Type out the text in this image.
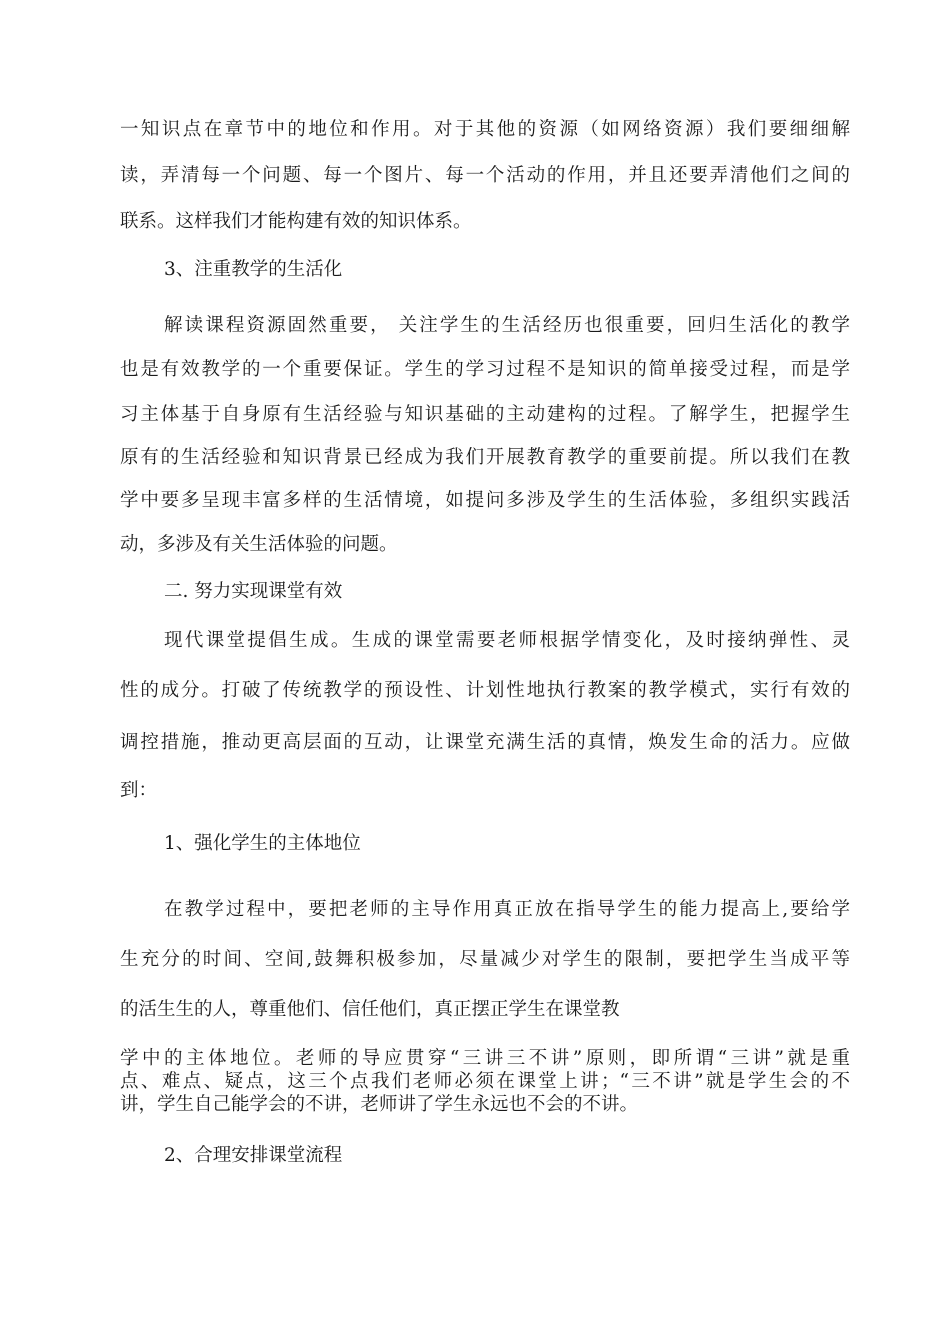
一知识点在章节中的地位和作用。对于其他的资源（如网络资源）我们要细细解
读，弄清每一个问题、每一个图片、每一个活动的作用，并且还要弄清他们之间的
联系。这样我们才能构建有效的知识体系。
3、注重教学的生活化
解读课程资源固然重要， 关注学生的生活经历也很重要，回归生活化的教学
也是有效教学的一个重要保证。学生的学习过程不是知识的简单接受过程，而是学
习主体基于自身原有生活经验与知识基础的主动建构的过程。了解学生，把握学生
原有的生活经验和知识背景已经成为我们开展教育教学的重要前提。所以我们在教
学中要多呈现丰富多样的生活情境，如提问多涉及学生的生活体验，多组织实践活
动，多涉及有关生活体验的问题。
二. 努力实现课堂有效
现代课堂提倡生成。生成的课堂需要老师根据学情变化，及时接纳弹性、灵
性的成分。打破了传统教学的预设性、计划性地执行教案的教学模式，实行有效的
调控措施，推动更高层面的互动，让课堂充满生活的真情，焕发生命的活力。应做
到：
1、强化学生的主体地位
在教学过程中，要把老师的主导作用真正放在指导学生的能力提高上,要给学
生充分的时间、空间,鼓舞积极参加，尽量减少对学生的限制，要把学生当成平等
的活生生的人，尊重他们、信任他们，真正摆正学生在课堂教
学中的主体地位。老师的导应贯穿“三讲三不讲”原则，即所谓“三讲”就是重
点、难点、疑点，这三个点我们老师必须在课堂上讲；“三不讲”就是学生会的不
讲，学生自己能学会的不讲，老师讲了学生永远也不会的不讲。
2、合理安排课堂流程
